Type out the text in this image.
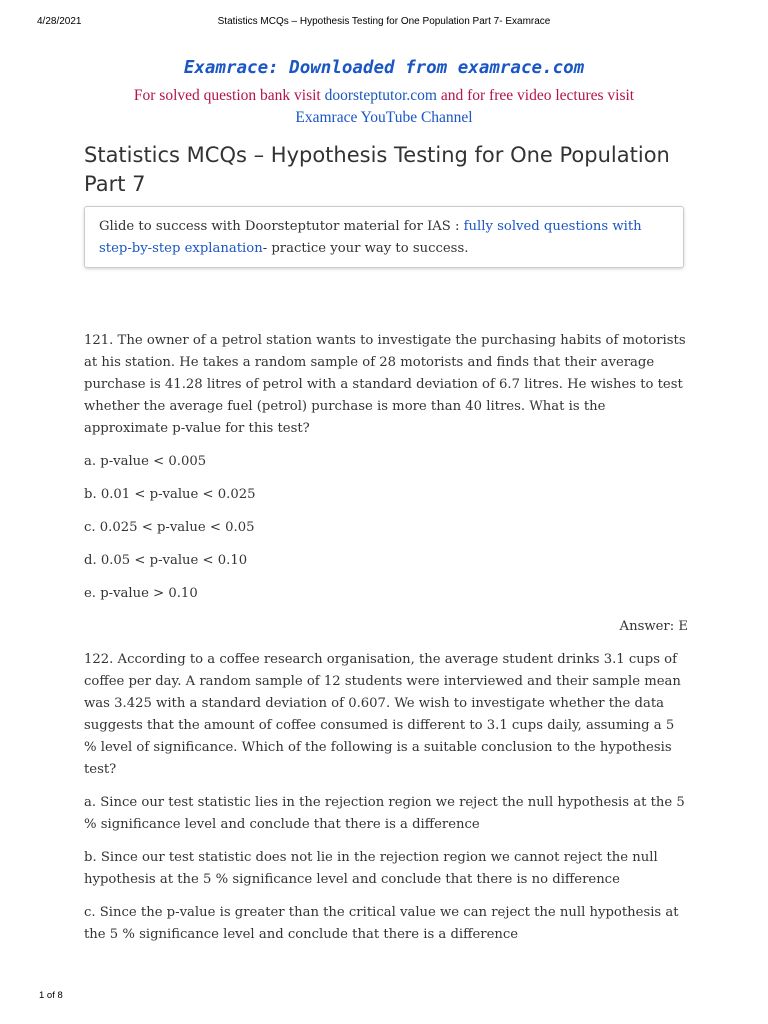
4/28/2021	Statistics MCQs – Hypothesis Testing for One Population Part 7- Examrace
Examrace: Downloaded from examrace.com
For solved question bank visit doorsteptutor.com and for free video lectures visit
Examrace YouTube Channel
Statistics MCQs – Hypothesis Testing for One Population Part 7
Glide to success with Doorsteptutor material for IAS : fully solved questions with step-by-step explanation- practice your way to success.

121. The owner of a petrol station wants to investigate the purchasing habits of motorists at his station. He takes a random sample of 28 motorists and finds that their average purchase is 41.28 litres of petrol with a standard deviation of 6.7 litres. He wishes to test whether the average fuel (petrol) purchase is more than 40 litres. What is the approximate p-value for this test?

a. p-value < 0.005

b. 0.01 < p-value < 0.025

c. 0.025 < p-value < 0.05

d. 0.05 < p-value < 0.10

e. p-value > 0.10

Answer: E

122. According to a coffee research organisation, the average student drinks 3.1 cups of coffee per day. A random sample of 12 students were interviewed and their sample mean was 3.425 with a standard deviation of 0.607. We wish to investigate whether the data suggests that the amount of coffee consumed is different to 3.1 cups daily, assuming a 5 % level of significance. Which of the following is a suitable conclusion to the hypothesis test?

a. Since our test statistic lies in the rejection region we reject the null hypothesis at the 5 % significance level and conclude that there is a difference

b. Since our test statistic does not lie in the rejection region we cannot reject the null hypothesis at the 5 % significance level and conclude that there is no difference

c. Since the p-value is greater than the critical value we can reject the null hypothesis at the 5 % significance level and conclude that there is a difference

1 of 8
